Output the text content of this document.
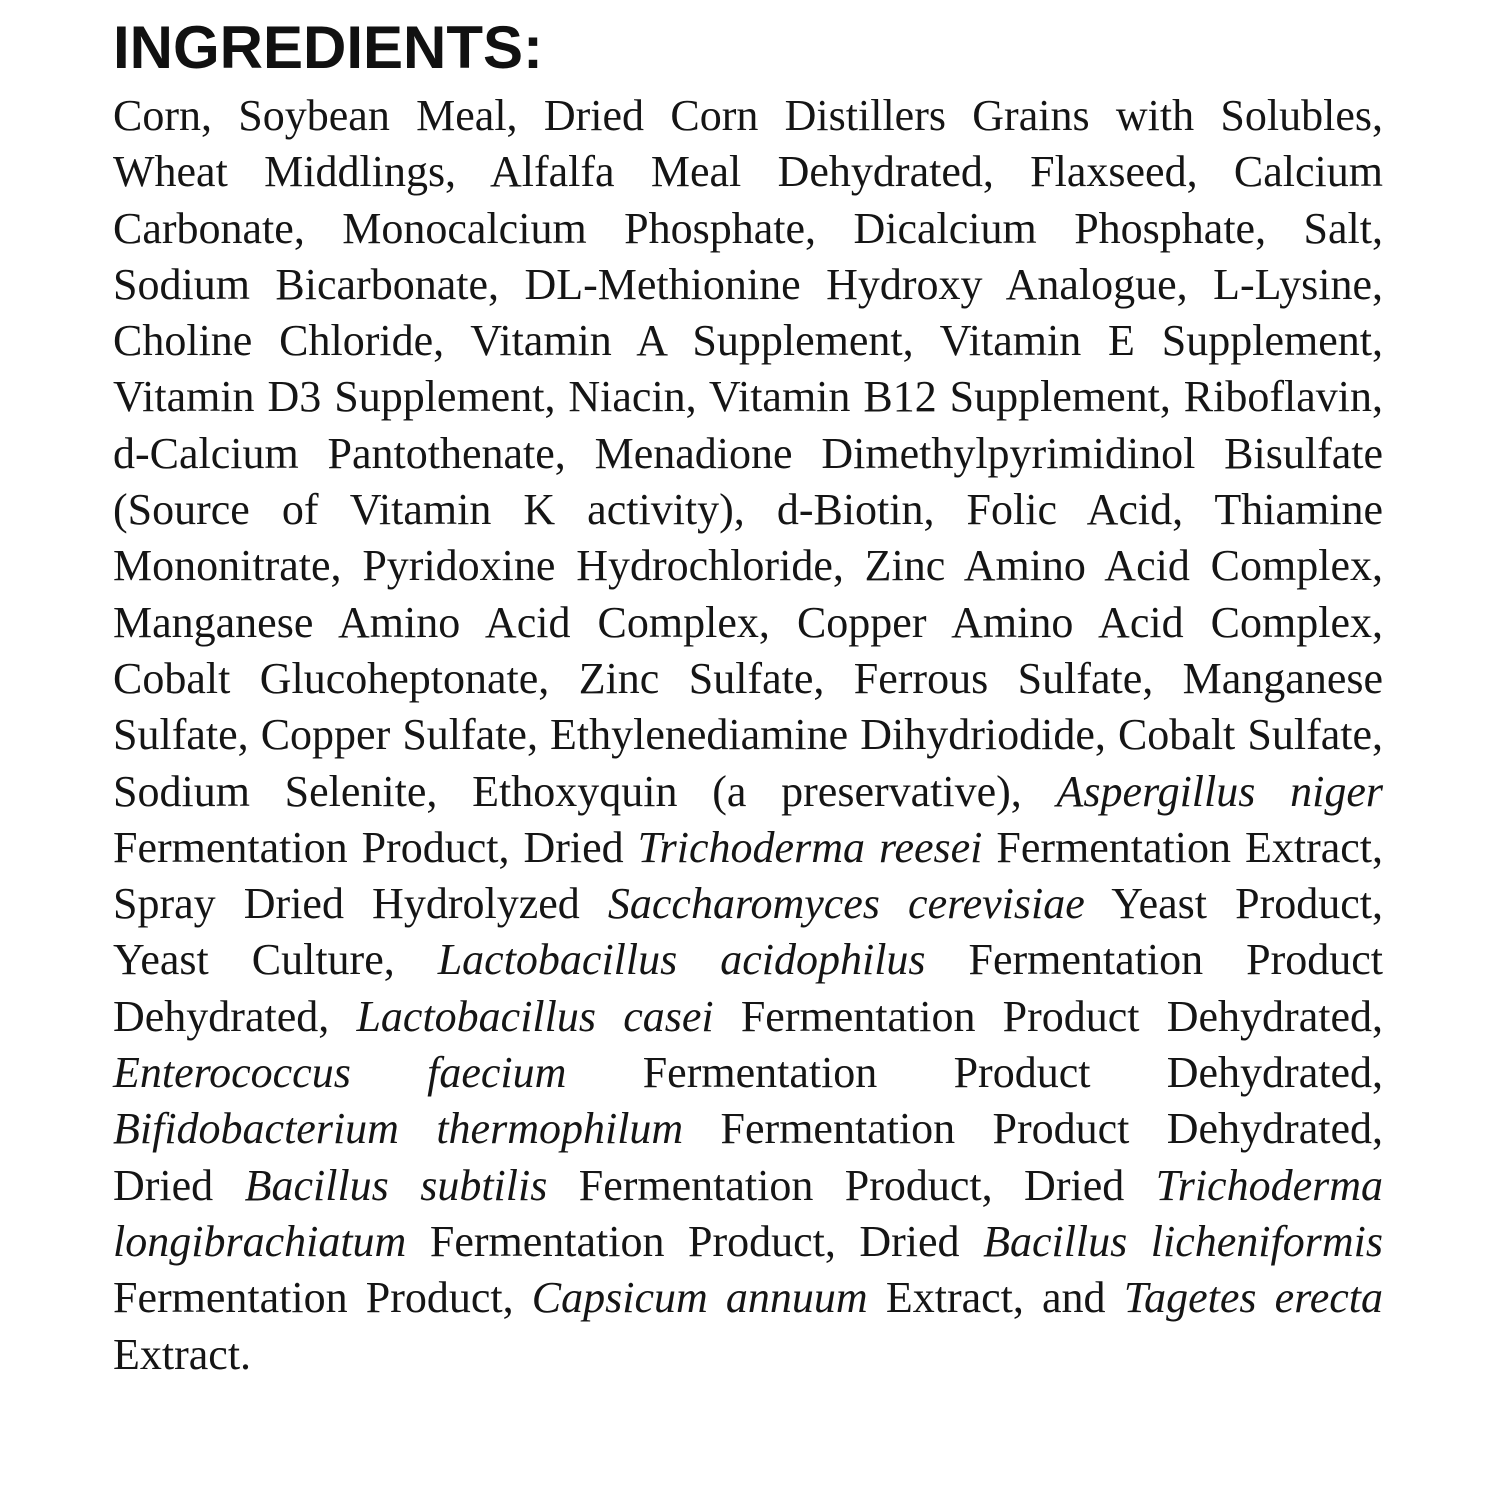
INGREDIENTS:

Corn, Soybean Meal, Dried Corn Distillers Grains with Solubles, Wheat Middlings, Alfalfa Meal Dehydrated, Flaxseed, Calcium Carbonate, Monocalcium Phosphate, Dicalcium Phosphate, Salt, Sodium Bicarbonate, DL-Methionine Hydroxy Analogue, L-Lysine, Choline Chloride, Vitamin A Supplement, Vitamin E Supplement, Vitamin D3 Supplement, Niacin, Vitamin B12 Supplement, Riboflavin, d-Calcium Pantothenate, Menadione Dimethylpyrimidinol Bisulfate (Source of Vitamin K activity), d-Biotin, Folic Acid, Thiamine Mononitrate, Pyridoxine Hydrochloride, Zinc Amino Acid Complex, Manganese Amino Acid Complex, Copper Amino Acid Complex, Cobalt Glucoheptonate, Zinc Sulfate, Ferrous Sulfate, Manganese Sulfate, Copper Sulfate, Ethylenediamine Dihydriodide, Cobalt Sulfate, Sodium Selenite, Ethoxyquin (a preservative), Aspergillus niger Fermentation Product, Dried Trichoderma reesei Fermentation Extract, Spray Dried Hydrolyzed Saccharomyces cerevisiae Yeast Product, Yeast Culture, Lactobacillus acidophilus Fermentation Product Dehydrated, Lactobacillus casei Fermentation Product Dehydrated, Enterococcus faecium Fermentation Product Dehydrated, Bifidobacterium thermophilum Fermentation Product Dehydrated, Dried Bacillus subtilis Fermentation Product, Dried Trichoderma longibrachiatum Fermentation Product, Dried Bacillus licheniformis Fermentation Product, Capsicum annuum Extract, and Tagetes erecta Extract.
